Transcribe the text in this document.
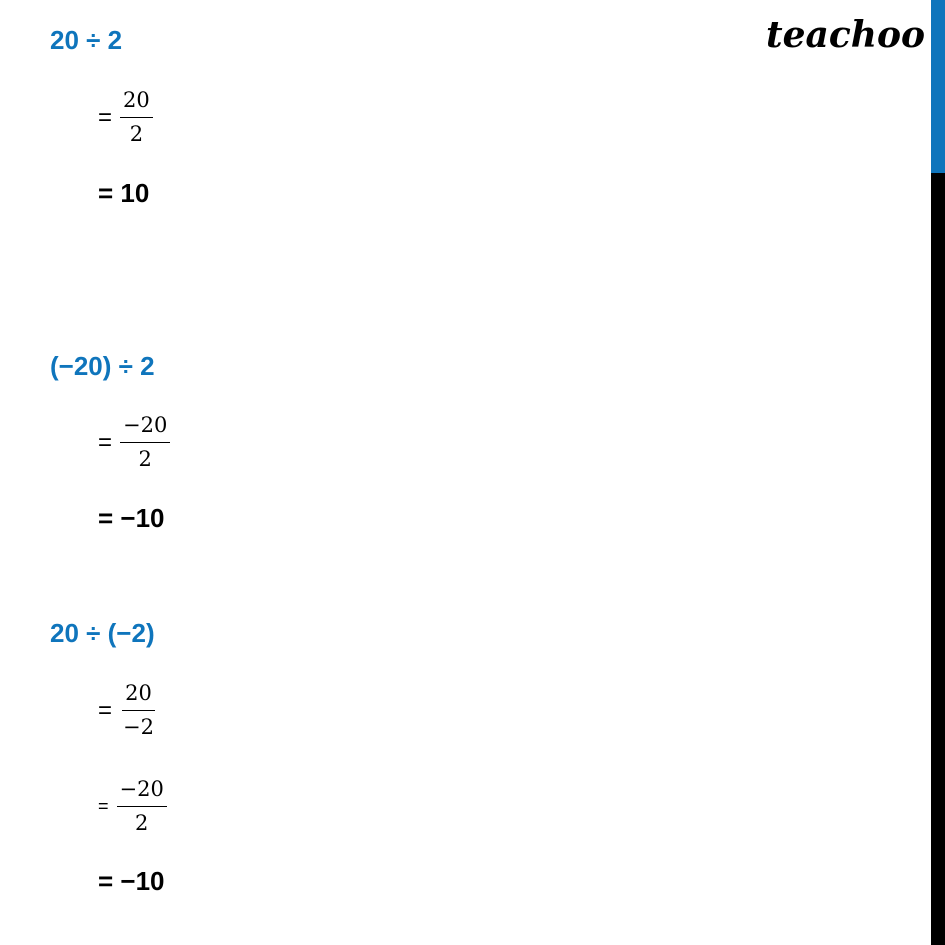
teachoo
20 ÷ 2
= $\frac{20}{2}$
= 10
(−20) ÷ 2
= $\frac{-20}{2}$
= −10
20 ÷ (−2)
= $\frac{20}{-2}$
= $\frac{-20}{2}$
= −10
